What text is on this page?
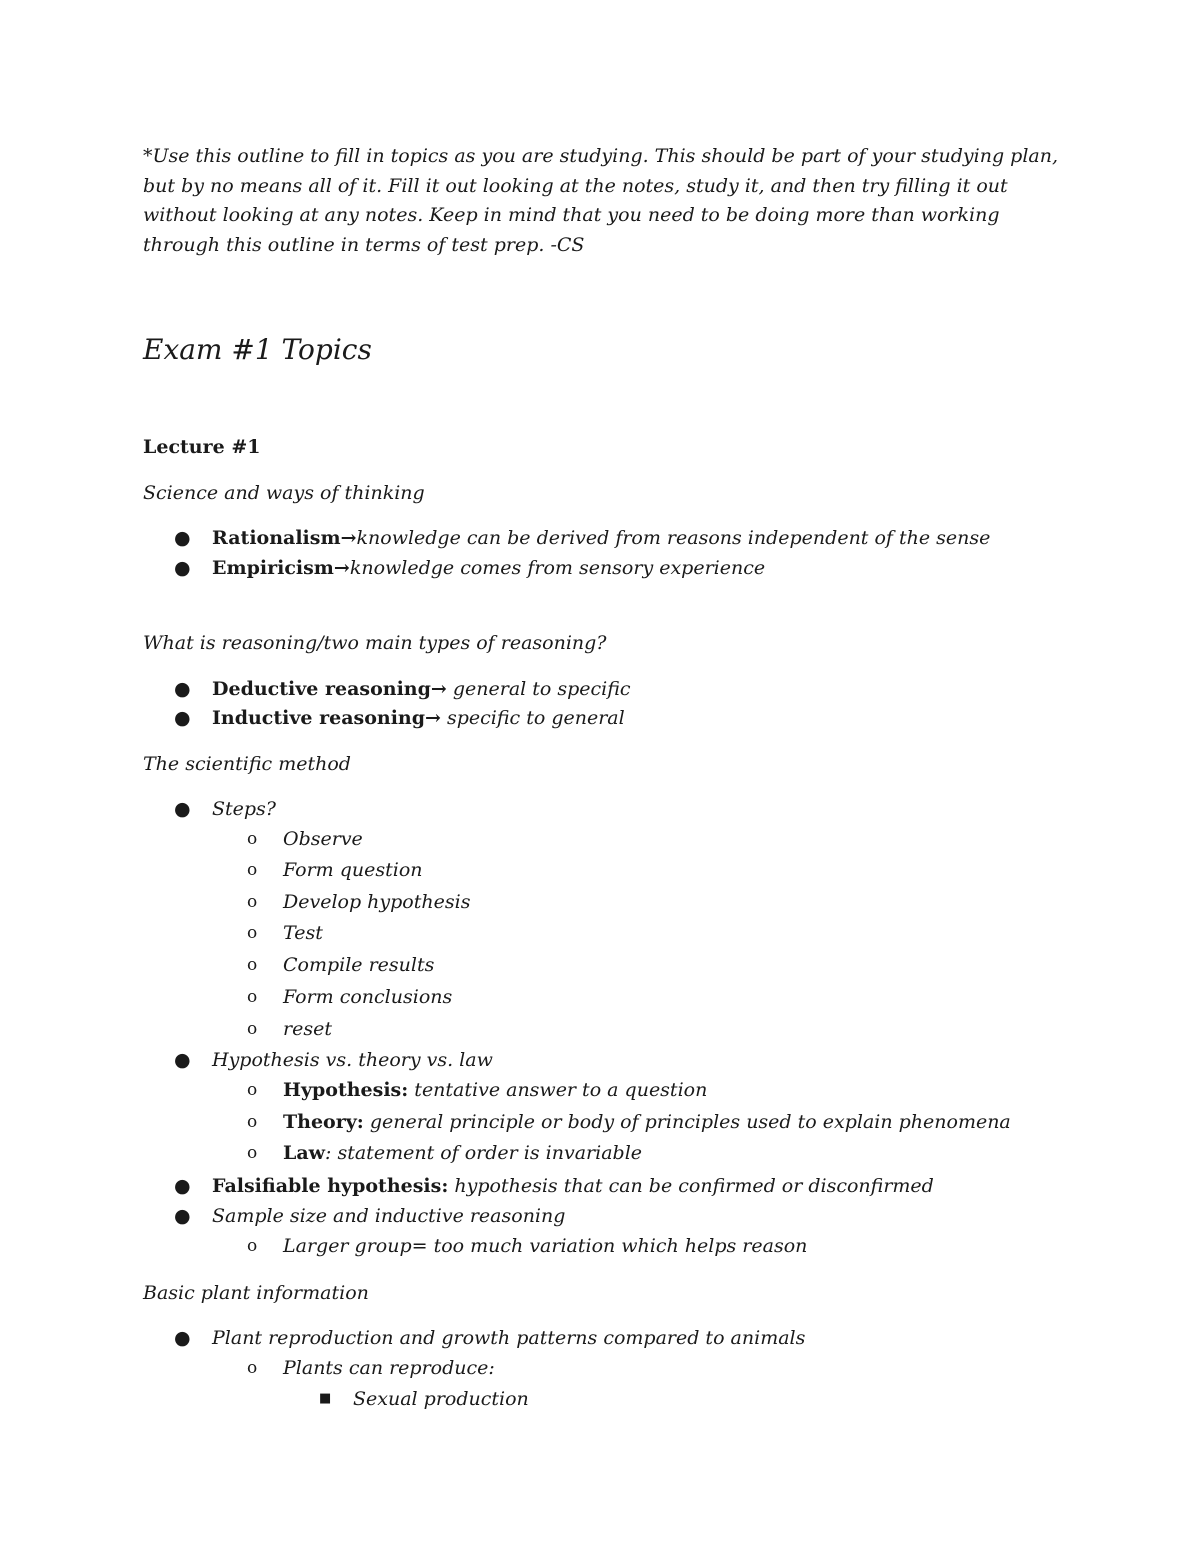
*Use this outline to fill in topics as you are studying. This should be part of your studying plan, but by no means all of it. Fill it out looking at the notes, study it, and then try filling it out without looking at any notes. Keep in mind that you need to be doing more than working through this outline in terms of test prep. -CS

Exam #1 Topics
Lecture #1

Science and ways of thinking

● Rationalism→knowledge can be derived from reasons independent of the sense

● Empiricism→knowledge comes from sensory experience

What is reasoning/two main types of reasoning?

● Deductive reasoning→ general to specific

● Inductive reasoning→ specific to general

The scientific method

● Steps?

o Observe

o Form question

o Develop hypothesis

o Test

o Compile results

o Form conclusions

o reset

● Hypothesis vs. theory vs. law

o Hypothesis: tentative answer to a question

o Theory: general principle or body of principles used to explain phenomena

o Law: statement of order is invariable

● Falsifiable hypothesis: hypothesis that can be confirmed or disconfirmed

● Sample size and inductive reasoning

o Larger group= too much variation which helps reason

Basic plant information

● Plant reproduction and growth patterns compared to animals

o Plants can reproduce:

■ Sexual production
